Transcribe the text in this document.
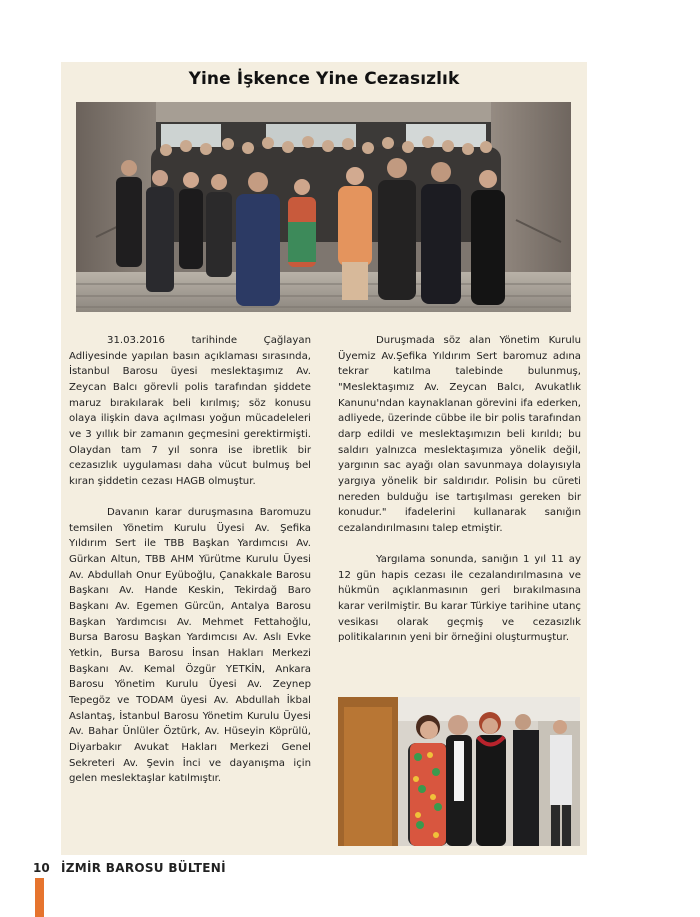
Yine İşkence Yine Cezasızlık

31.03.2016 tarihinde Çağlayan Adliyesinde yapılan basın açıklaması sırasında, İstanbul Barosu üyesi meslektaşımız Av. Zeycan Balcı görevli polis tarafından şiddete maruz bırakılarak beli kırılmış; söz konusu olaya ilişkin dava açılması yoğun mücadeleleri ve 3 yıllık bir zamanın geçmesini gerektirmişti. Olaydan tam 7 yıl sonra ise ibretlik bir cezasızlık uygulaması daha vücut bulmuş bel kıran şiddetin cezası HAGB olmuştur.

Davanın karar duruşmasına Baromuzu temsilen Yönetim Kurulu Üyesi Av. Şefika Yıldırım Sert ile TBB Başkan Yardımcısı Av. Gürkan Altun, TBB AHM Yürütme Kurulu Üyesi Av. Abdullah Onur Eyüboğlu, Çanakkale Barosu Başkanı Av. Hande Keskin, Tekirdağ Baro Başkanı Av. Egemen Gürcün, Antalya Barosu Başkan Yardımcısı Av. Mehmet Fettahoğlu, Bursa Barosu Başkan Yardımcısı Av. Aslı Evke Yetkin, Bursa Barosu İnsan Hakları Merkezi Başkanı Av. Kemal Özgür YETKİN, Ankara Barosu Yönetim Kurulu Üyesi Av. Zeynep Tepegöz ve TODAM üyesi Av. Abdullah İkbal Aslantaş, İstanbul Barosu Yönetim Kurulu Üyesi Av. Bahar Ünlüler Öztürk, Av. Hüseyin Köprülü, Diyarbakır Avukat Hakları Merkezi Genel Sekreteri Av. Şevin İnci ve dayanışma için gelen meslektaşlar katılmıştır.

Duruşmada söz alan Yönetim Kurulu Üyemiz Av.Şefika Yıldırım Sert baromuz adına tekrar katılma talebinde bulunmuş, "Meslektaşımız Av. Zeycan Balcı, Avukatlık Kanunu'ndan kaynaklanan görevini ifa ederken, adliyede, üzerinde cübbe ile bir polis tarafından darp edildi ve meslektaşımızın beli kırıldı; bu saldırı yalnızca meslektaşımıza yönelik değil, yargının sac ayağı olan savunmaya dolayısıyla yargıya yönelik bir saldırıdır. Polisin bu cüreti nereden bulduğu ise tartışılması gereken bir konudur." ifadelerini kullanarak sanığın cezalandırılmasını talep etmiştir.

Yargılama sonunda, sanığın 1 yıl 11 ay 12 gün hapis cezası ile cezalandırılmasına ve hükmün açıklanmasının geri bırakılmasına karar verilmiştir. Bu karar Türkiye tarihine utanç vesikası olarak geçmiş ve cezasızlık politikalarının yeni bir örneğini oluşturmuştur.

10 İZMİR BAROSU BÜLTENİ
